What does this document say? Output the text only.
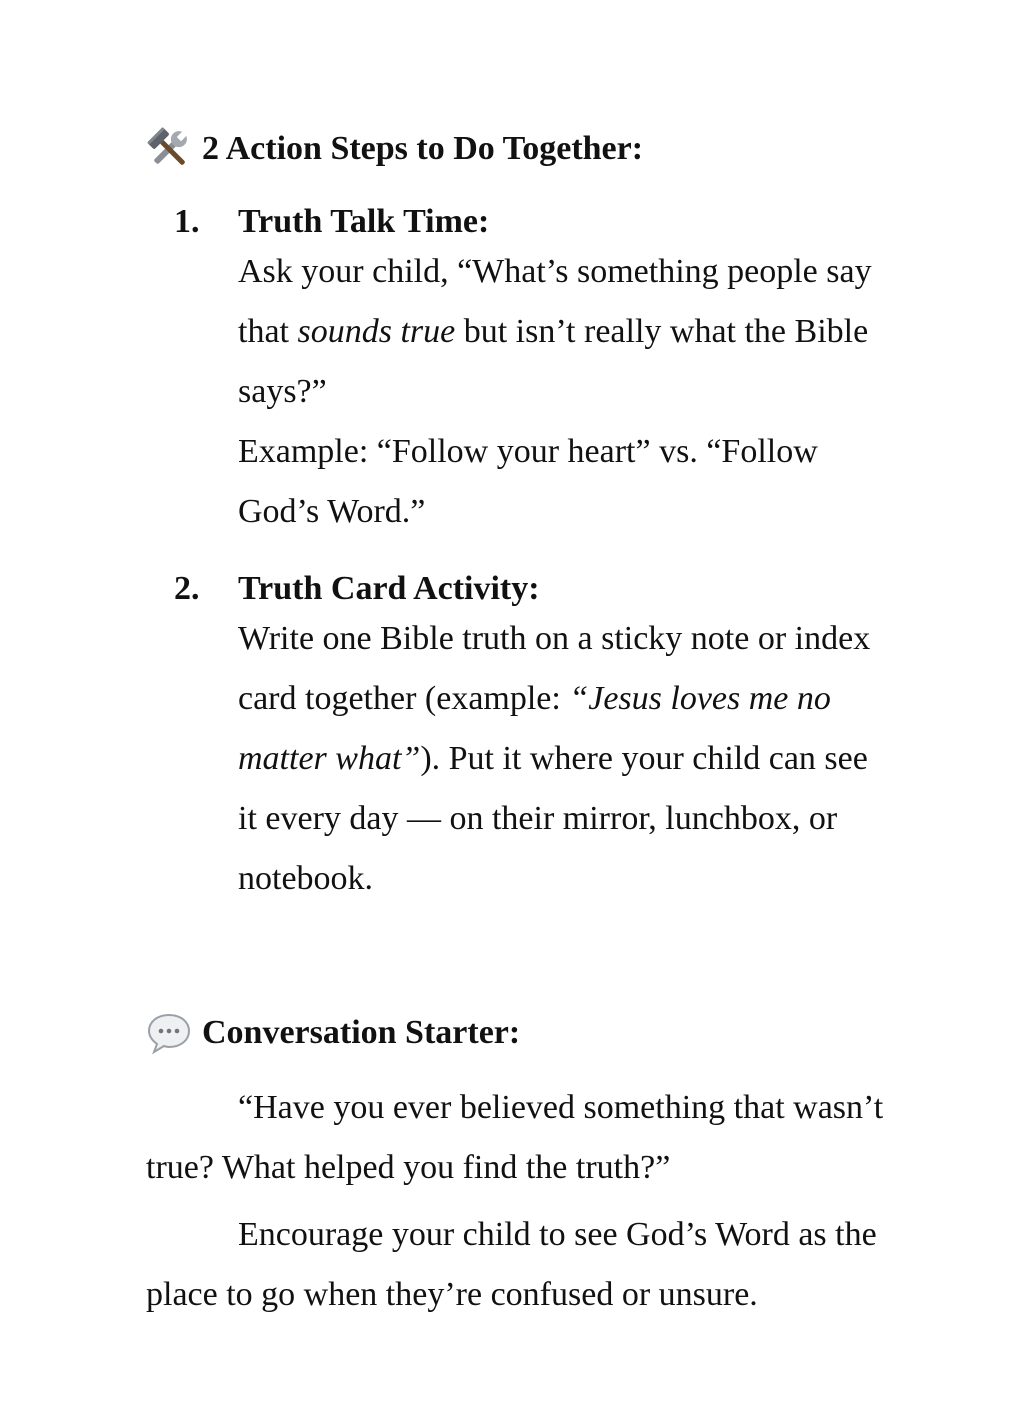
2 Action Steps to Do Together:
1. Truth Talk Time:

Ask your child, “What’s something people say that sounds true but isn’t really what the Bible says?”

Example: “Follow your heart” vs. “Follow God’s Word.”

2. Truth Card Activity:

Write one Bible truth on a sticky note or index card together (example: “Jesus loves me no matter what”). Put it where your child can see it every day — on their mirror, lunchbox, or notebook.

Conversation Starter:

“Have you ever believed something that wasn’t true? What helped you find the truth?”

Encourage your child to see God’s Word as the place to go when they’re confused or unsure.
